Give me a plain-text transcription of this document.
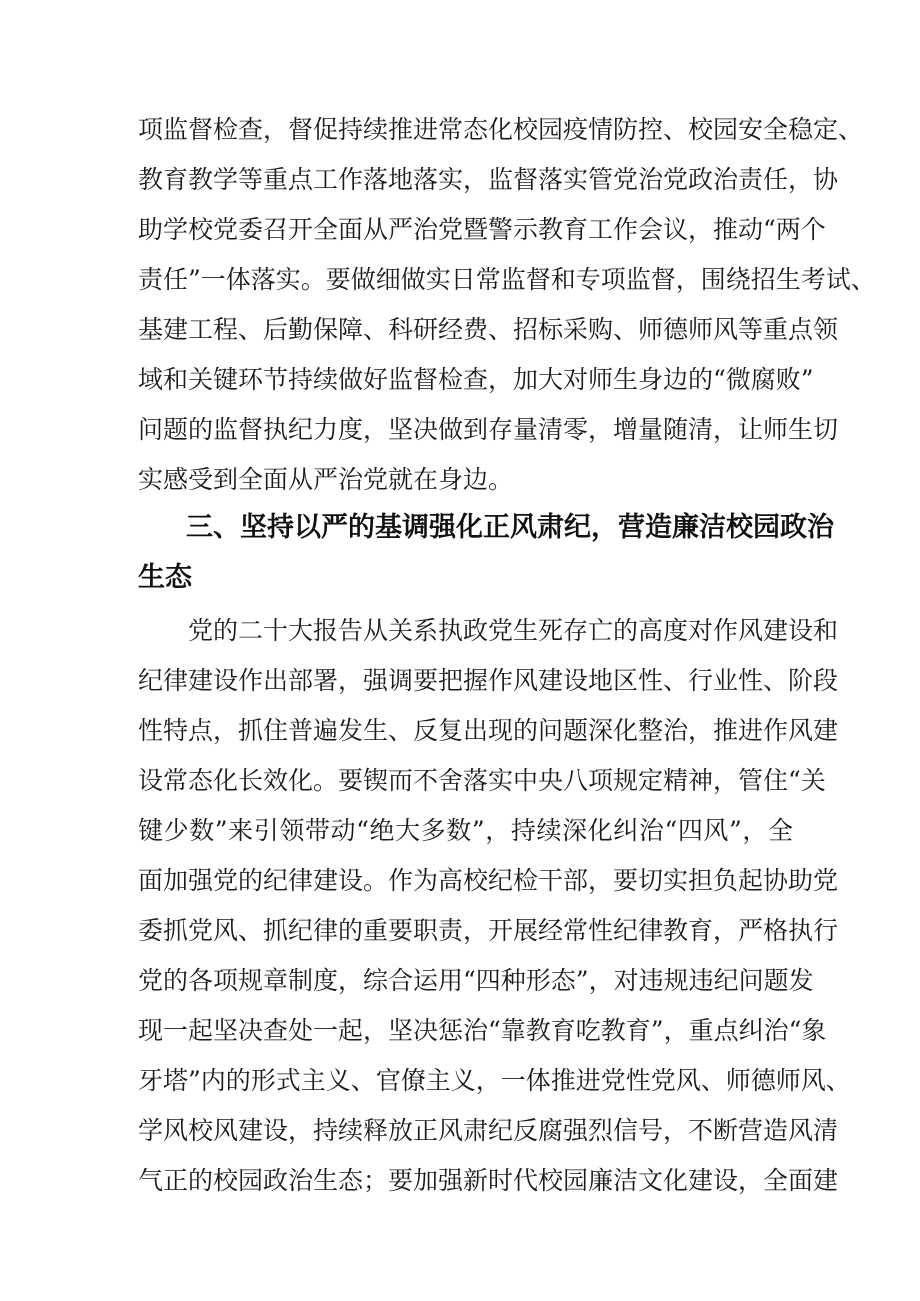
项监督检查，督促持续推进常态化校园疫情防控、校园安全稳定、
教育教学等重点工作落地落实，监督落实管党治党政治责任，协
助学校党委召开全面从严治党暨警示教育工作会议，推动“两个
责任”一体落实。要做细做实日常监督和专项监督，围绕招生考试、
基建工程、后勤保障、科研经费、招标采购、师德师风等重点领
域和关键环节持续做好监督检查，加大对师生身边的“微腐败”
问题的监督执纪力度，坚决做到存量清零，增量随清，让师生切
实感受到全面从严治党就在身边。
三、坚持以严的基调强化正风肃纪，营造廉洁校园政治
生态
党的二十大报告从关系执政党生死存亡的高度对作风建设和
纪律建设作出部署，强调要把握作风建设地区性、行业性、阶段
性特点，抓住普遍发生、反复出现的问题深化整治，推进作风建
设常态化长效化。要锲而不舍落实中央八项规定精神，管住“关
键少数”来引领带动“绝大多数”，持续深化纠治“四风”，全
面加强党的纪律建设。作为高校纪检干部，要切实担负起协助党
委抓党风、抓纪律的重要职责，开展经常性纪律教育，严格执行
党的各项规章制度，综合运用“四种形态”，对违规违纪问题发
现一起坚决查处一起，坚决惩治“靠教育吃教育”，重点纠治“象
牙塔”内的形式主义、官僚主义，一体推进党性党风、师德师风、
学风校风建设，持续释放正风肃纪反腐强烈信号，不断营造风清
气正的校园政治生态；要加强新时代校园廉洁文化建设，全面建
